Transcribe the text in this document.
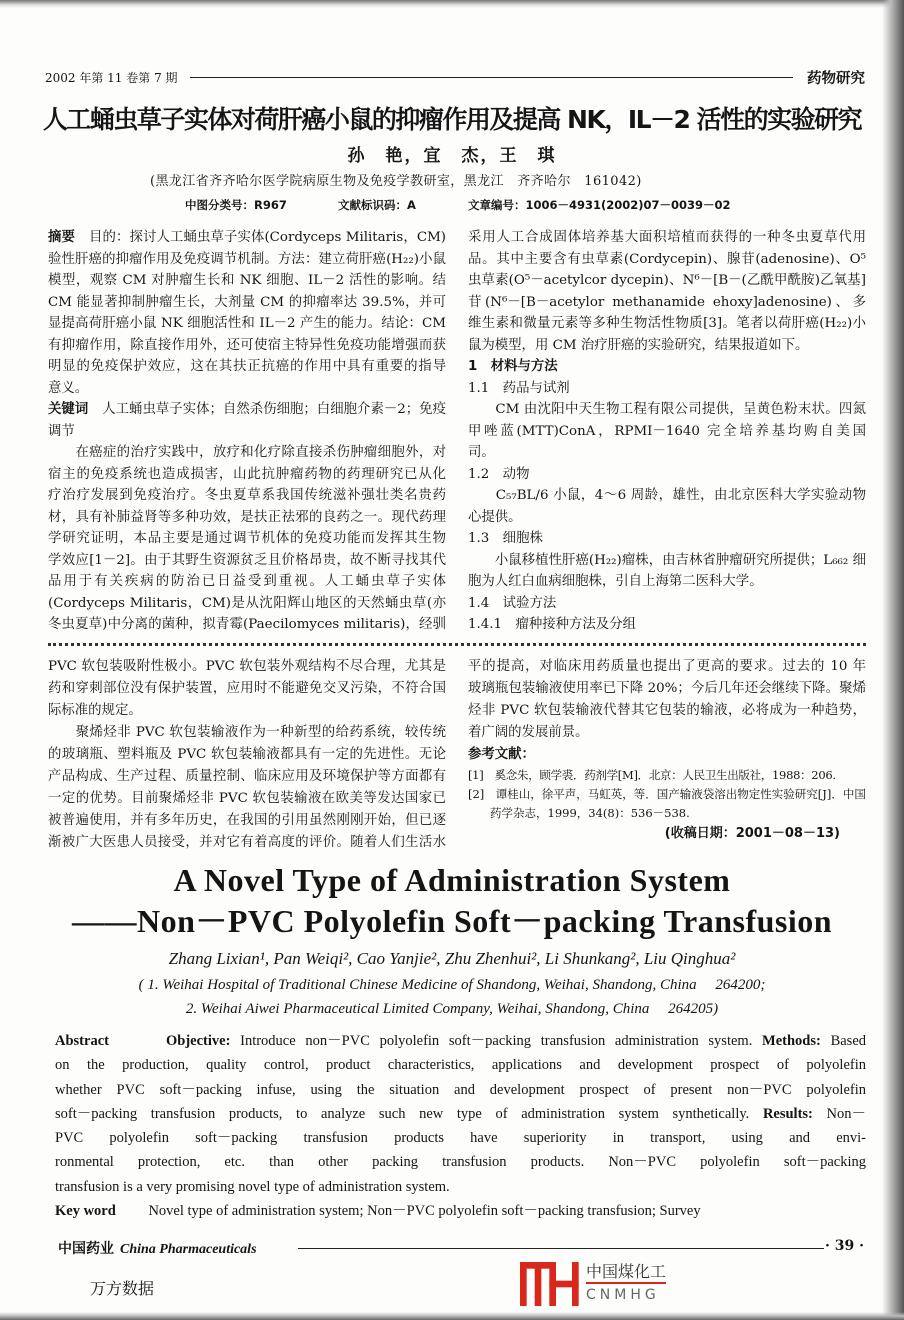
2002 年第 11 卷第 7 期	药物研究
人工蛹虫草子实体对荷肝癌小鼠的抑瘤作用及提高 NK，IL－2 活性的实验研究
孙　艳，宜　杰，王　琪
(黑龙江省齐齐哈尔医学院病原生物及免疫学教研室，黑龙江　齐齐哈尔　161042)
中图分类号：R967	文献标识码：A	文章编号：1006－4931(2002)07－0039－02
摘要 目的：探讨人工蛹虫草子实体(Cordyceps Militaris，CM)
验性肝癌的抑瘤作用及免疫调节机制。方法：建立荷肝癌(H₂₂)小鼠
模型，观察 CM 对肿瘤生长和 NK 细胞、IL－2 活性的影响。结
CM 能显著抑制肿瘤生长，大剂量 CM 的抑瘤率达 39.5%，并可
显提高荷肝癌小鼠 NK 细胞活性和 IL－2 产生的能力。结论：CM
有抑瘤作用，除直接作用外，还可使宿主特异性免疫功能增强而获
明显的免疫保护效应，这在其扶正抗癌的作用中具有重要的指导
意义。
关键词 人工蛹虫草子实体；自然杀伤细胞；白细胞介素－2；免疫
调节
　　在癌症的治疗实践中，放疗和化疗除直接杀伤肿瘤细胞外，对
宿主的免疫系统也造成损害，山此抗肿瘤药物的药理研究已从化
疗治疗发展到免疫治疗。冬虫夏草系我国传统滋补强壮类名贵药
材，具有补肺益肾等多种功效，是扶正祛邪的良药之一。现代药理
学研究证明，本品主要是通过调节机体的免疫功能而发挥其生物
学效应[1－2]。由于其野生资源贫乏且价格昂贵，故不断寻找其代
品用于有关疾病的防治已日益受到重视。人工蛹虫草子实体
(Cordyceps Militaris，CM)是从沈阳辉山地区的天然蛹虫草(亦
冬虫夏草)中分离的菌种，拟青霉(Paecilomyces militaris)，经驯
采用人工合成固体培养基大面积培植而获得的一种冬虫夏草代用
品。其中主要含有虫草素(Cordycepin)、腺苷(adenosine)、O⁵
虫草素(O⁵－acetylcor dycepin)、N⁶－[B－(乙酰甲酰胺)乙氧基]
苷(N⁶－[B－acetylor methanamide ehoxy]adenosine)、多
维生素和微量元素等多种生物活性物质[3]。笔者以荷肝癌(H₂₂)小
鼠为模型，用 CM 治疗肝癌的实验研究，结果报道如下。
1　材料与方法
1.1　药品与试剂
　　CM 由沈阳中天生物工程有限公司提供，呈黄色粉末状。四氮
甲唑蓝(MTT)ConA，RPMI－1640 完全培养基均购自美国
司。
1.2　动物
　　C₅₇BL/6 小鼠，4～6 周龄，雄性，由北京医科大学实验动物
心提供。
1.3　细胞株
　　小鼠移植性肝癌(H₂₂)瘤株，由吉林省肿瘤研究所提供；L₆₆₂ 细
胞为人红白血病细胞株，引自上海第二医科大学。
1.4　试验方法
1.4.1　瘤种接种方法及分组
PVC 软包装吸附性极小。PVC 软包装外观结构不尽合理，尤其是
药和穿刺部位没有保护装置，应用时不能避免交叉污染，不符合国
际标准的规定。
　　聚烯烃非 PVC 软包装输液作为一种新型的给药系统，较传统
的玻璃瓶、塑料瓶及 PVC 软包装输液都具有一定的先进性。无论
产品构成、生产过程、质量控制、临床应用及环境保护等方面都有
一定的优势。目前聚烯烃非 PVC 软包装输液在欧美等发达国家已
被普遍使用，并有多年历史，在我国的引用虽然刚刚开始，但已逐
渐被广大医患人员接受，并对它有着高度的评价。随着人们生活水
平的提高，对临床用药质量也提出了更高的要求。过去的 10 年
玻璃瓶包装输液使用率已下降 20%；今后几年还会继续下降。聚烯
烃非 PVC 软包装输液代替其它包装的输液，必将成为一种趋势，
着广阔的发展前景。
参考文献：
[1]　奚念朱，顾学裘．药剂学[M]．北京：人民卫生出版社，1988：206.
[2]　谭桂山，徐平声，马虹英，等．国产输液袋溶出物定性实验研究[J]．中国药学杂志，1999，34(8)：536－538.
(收稿日期：2001－08－13)
A Novel Type of Administration System
——Non－PVC Polyolefin Soft－packing Transfusion
Zhang Lixian¹, Pan Weiqi², Cao Yanjie², Zhu Zhenhui², Li Shunkang², Liu Qinghua²
( 1. Weihai Hospital of Traditional Chinese Medicine of Shandong, Weihai, Shandong, China　 264200;
2. Weihai Aiwei Pharmaceutical Limited Company, Weihai, Shandong, China　 264205)
Abstract　　 Objective: Introduce non－PVC polyolefin soft－packing transfusion administration system. Methods: Based
on the production, quality control, product characteristics, applications and development prospect of polyolefin
whether PVC soft－packing infuse, using the situation and development prospect of present non－PVC polyolefin
soft－packing transfusion products, to analyze such new type of administration system synthetically. Results: Non－
PVC polyolefin soft－packing transfusion products have superiority in transport, using and envi-
ronmental protection, etc. than other packing transfusion products. Non－PVC polyolefin soft－packing
transfusion is a very promising novel type of administration system.
Key word　　 Novel type of administration system; Non－PVC polyolefin soft－packing transfusion; Survey
中国药业 China Pharmaceuticals	· 39 ·
万方数据
中国煤化工
CNMHG
